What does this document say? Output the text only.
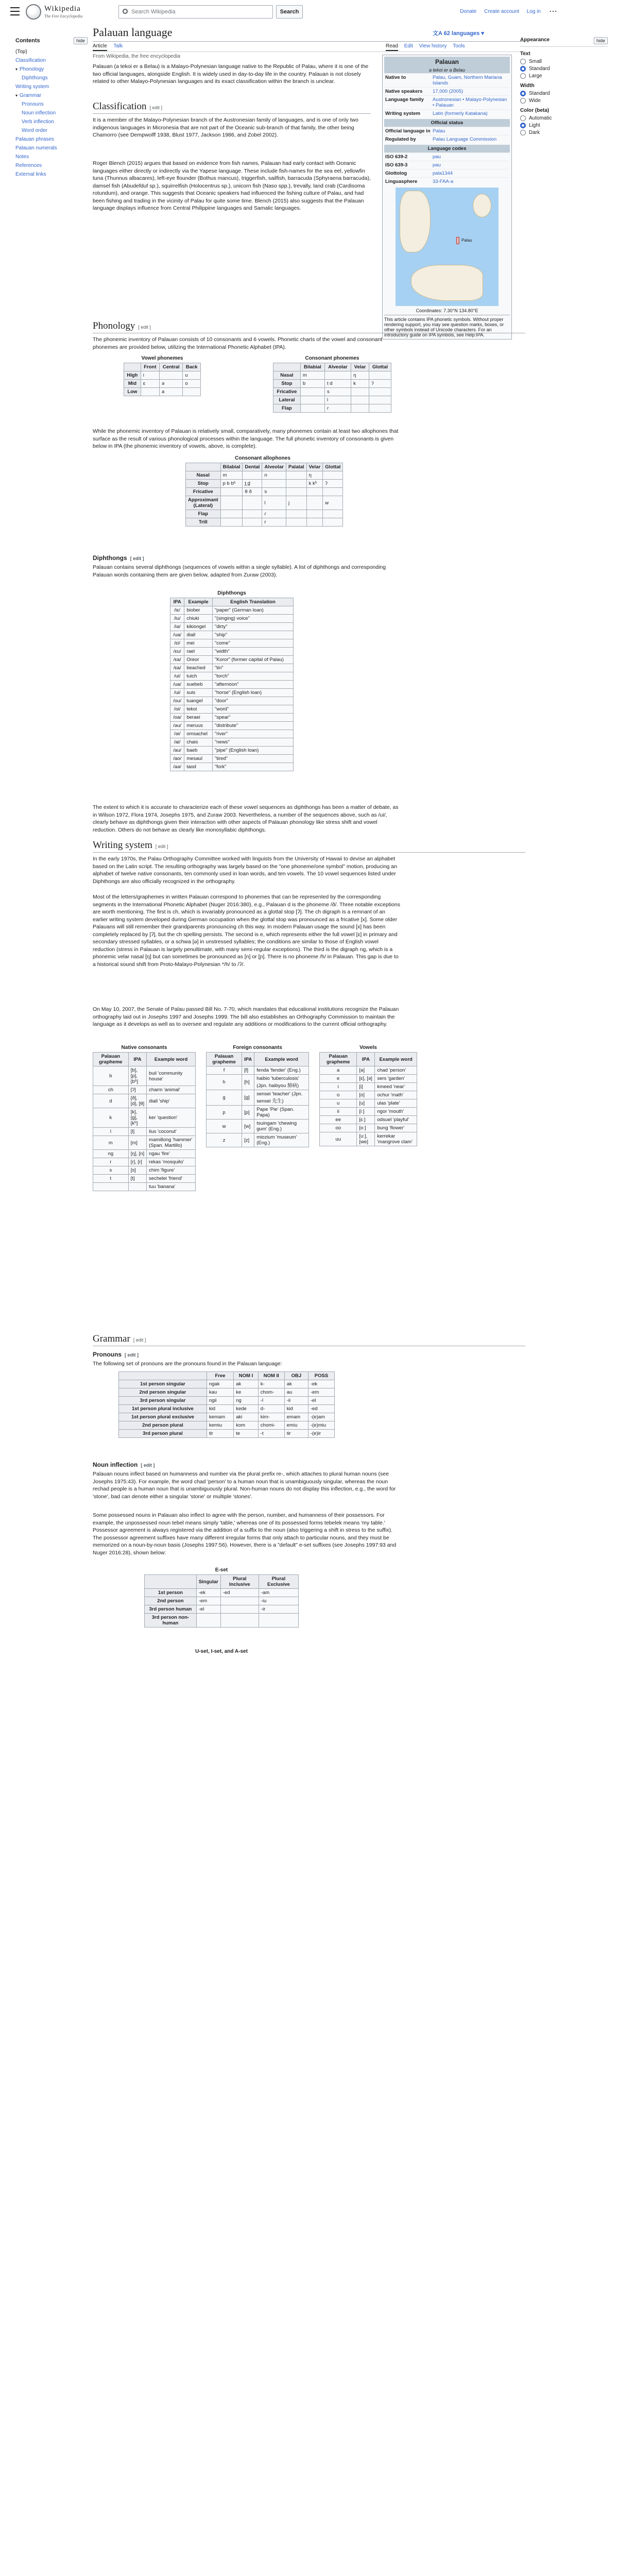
Wikipedia
The Free Encyclopedia
Search Wikipedia	Search	Donate Create account Log in ⋯
Contents	hide
(Top)
Classification
▾ Phonology
Diphthongs
Writing system
▾ Grammar
Pronouns
Noun inflection
Verb inflection
Word order
Palauan phrases
Palauan numerals
Notes
References
External links
Palauan language	文A 62 languages ▾
Article Talk	Read Edit View history Tools
From Wikipedia, the free encyclopedia
Palauan (a tekoi er a Belau) is a Malayo-Polynesian language native to the Republic of Palau, where it is one of the two official languages, alongside English. It is widely used in day-to-day life in the country. Palauan is not closely related to other Malayo-Polynesian languages and its exact classification within the branch is unclear.
Classification [ edit ]
It is a member of the Malayo-Polynesian branch of the Austronesian family of languages, and is one of only two indigenous languages in Micronesia that are not part of the Oceanic sub-branch of that family, the other being Chamorro (see Dempwolff 1938, Blust 1977, Jackson 1986, and Zobel 2002).
Roger Blench (2015) argues that based on evidence from fish names, Palauan had early contact with Oceanic languages either directly or indirectly via the Yapese language. These include fish-names for the sea eel, yellowfin tuna (Thunnus albacares), left-eye flounder (Bothus mancus), triggerfish, sailfish, barracuda (Sphyraena barracuda), damsel fish (Abudefduf sp.), squirrelfish (Holocentrus sp.), unicorn fish (Naso spp.), trevally, land crab (Cardisoma rotundum), and orange. This suggests that Oceanic speakers had influenced the fishing culture of Palau, and had been fishing and trading in the vicinity of Palau for quite some time. Blench (2015) also suggests that the Palauan language displays influence from Central Philippine languages and Samalic languages.
Palauan
a tekoi er a Belau
Native to	Palau, Guam, Northern Mariana Islands
Native speakers	17,000 (2005)
Language family	Austronesian • Malayo-Polynesian • Palauan
Writing system	Latin (formerly Katakana)
Official status
Official language in Palau
Regulated by	Palau Language Commission
Language codes
ISO 639-2	pau
ISO 639-3	pau
Glottolog	pala1344
Linguasphere	33-FAA-a
Palau
Coordinates: 7.30°N 134.80°E
This article contains IPA phonetic symbols. Without proper rendering support, you may see question marks, boxes, or other symbols instead of Unicode characters. For an introductory guide on IPA symbols, see Help:IPA.
Appearance	hide
Text
Small
Standard
Large
Width
Standard
Wide
Color (beta)
Automatic
Light
Dark
Phonology [ edit ]
The phonemic inventory of Palauan consists of 10 consonants and 6 vowels. Phonetic charts of the vowel and consonant phonemes are provided below, utilizing the International Phonetic Alphabet (IPA).
Vowel phonemes
	Front	Central	Back
High	i		u
Mid	ɛ	ə	o
Low		a	
Consonant phonemes
	Bilabial	Alveolar	Velar	Glottal
Nasal	m		ŋ	
Stop	b	t d	k	ʔ
Fricative		s		
Lateral		l		
Flap		ɾ		
While the phonemic inventory of Palauan is relatively small, comparatively, many phonemes contain at least two allophones that surface as the result of various phonological processes within the language. The full phonetic inventory of consonants is given below in IPA (the phonemic inventory of vowels, above, is complete).
Consonant allophones
	Bilabial	Dental	Alveolar	Palatal	Velar	Glottal
Nasal	m		n		ŋ	
Stop	p b bʰ	t̪ d̪			k kʰ	ʔ
Fricative		θ ð	s			
Approximant (Lateral)			l	j		w
Flap			ɾ			
Trill			r			
Diphthongs [ edit ]
Palauan contains several diphthongs (sequences of vowels within a single syllable). A list of diphthongs and corresponding Palauan words containing them are given below, adapted from Zuraw (2003).
Diphthongs
IPA	Example	English Translation
/iɛ/	biober	"paper" (German loan)
/iu/	chiuki	"(singing) voice"
/iə/	kikiongel	"dirty"
/ua/	diall	"ship"
/ɛi/	mei	"come"
/ɛu/	rael	"width"
/ɛa/	Oreor	"Koror" (former capital of Palau)
/ɛa/	beached	"tin"
/ui/	tuich	"torch"
/ua/	suebeb	"afternoon"
/ui/	suis	"horse" (English loan)
/ou/	tuangel	"door"
/oi/	tekoi	"word"
/oa/	beraei	"spear"
/əu/	meruus	"distribute"
/əi/	omsachel	"river"
/ai/	chais	"news"
/au/	baeb	"pipe" (English loan)
/ao/	mesaul	"tired"
/aə/	taod	"fork"
The extent to which it is accurate to characterize each of these vowel sequences as diphthongs has been a matter of debate, as in Wilson 1972, Flora 1974, Josephs 1975, and Zuraw 2003. Nevertheless, a number of the sequences above, such as /ui/, clearly behave as diphthongs given their interaction with other aspects of Palauan phonology like stress shift and vowel reduction. Others do not behave as clearly like monosyllabic diphthongs.
Writing system [ edit ]
In the early 1970s, the Palau Orthography Committee worked with linguists from the University of Hawaii to devise an alphabet based on the Latin script. The resulting orthography was largely based on the "one phoneme/one symbol" motion, producing an alphabet of twelve native consonants, ten commonly used in loan words, and ten vowels. The 10 vowel sequences listed under Diphthongs are also officially recognized in the orthography.
Most of the letters/graphemes in written Palauan correspond to phonemes that can be represented by the corresponding segments in the International Phonetic Alphabet (Nuger 2016:380), e.g., Palauan d is the phoneme /ð/. Three notable exceptions are worth mentioning. The first is ch, which is invariably pronounced as a glottal stop [ʔ]. The ch digraph is a remnant of an earlier writing system developed during German occupation when the glottal stop was pronounced as a fricative [x]. Some older Palauans will still remember their grandparents pronouncing ch this way. In modern Palauan usage the sound [x] has been completely replaced by [ʔ], but the ch spelling persists. The second is e, which represents either the full vowel [ɛ] in primary and secondary stressed syllables, or a schwa [ə] in unstressed syllables; the conditions are similar to those of English vowel reduction (stress in Palauan is largely penultimate, with many semi-regular exceptions). The third is the digraph ng, which is a phonemic velar nasal [ŋ] but can sometimes be pronounced as [n] or [ɲ]. There is no phoneme /h/ in Palauan. This gap is due to a historical sound shift from Proto-Malayo-Polynesian */h/ to /ʔ/.
On May 10, 2007, the Senate of Palau passed Bill No. 7-70, which mandates that educational institutions recognize the Palauan orthography laid out in Josephs 1997 and Josephs 1999. The bill also establishes an Orthography Commission to maintain the language as it develops as well as to oversee and regulate any additions or modifications to the current official orthography.
Native consonants
Palauan grapheme	IPA	Example word
b	[b], [p], [bʰ]	buil 'community house'
ch	[ʔ]	charm 'animal'
d	[ð], [d], [θ]	diall 'ship'
k	[k], [g], [kʰ]	ker 'question'
l	[l]	lius 'coconut'
m	[m]	mamillong 'hammer' (Span. Martillo)
ng	[ŋ], [n]	ngau 'fire'
r	[ɾ], [r]	rekas 'mosquito'
s	[s]	chim 'figure'
t	[t]	sechelei 'friend'
		tuu 'banana'
Foreign consonants
Palauan grapheme	IPA	Example word
f	[f]	fenda 'fender' (Eng.)
h	[h]	haibio 'tuberculosis' (Jpn. haibyou 肺病)
g	[g]	sensei 'teacher' (Jpn. sensei 先生)
p	[p]	Pape 'Pie' (Span. Papa)
w	[w]	tsuingam 'chewing gum' (Eng.)
z	[z]	miozium 'museum' (Eng.)
Vowels
Palauan grapheme	IPA	Example word
a	[a]	chad 'person'
e	[ɛ], [ə]	sers 'garden'
i	[i]	kmeed 'near'
o	[o]	ochur 'math'
u	[u]	ulas 'plate'
ii	[iː]	ngor 'mouth'
ee	[ɛː]	odsuel 'playful'
oo	[oː]	bung 'flower'
uu	[uː], [we]	kerrekar 'mangrove clam'
Grammar [ edit ]
Pronouns [ edit ]
The following set of pronouns are the pronouns found in the Palauan language:
	Free	NOM I	NOM II	OBJ	POSS
1st person singular	ngak	ak	k-	ak	-ek
2nd person singular	kau	ke	chom-	au	-em
3rd person singular	ngii	ng	-l	-ii	-el
1st person plural inclusive	kid	kede	d-	kid	-ed
1st person plural exclusive	kemam	aki	kim-	emam	-(e)am
2nd person plural	kemiu	kom	chomi-	emiu	-(e)miu
3rd person plural	tir	te	-t	tir	-(e)ir
Noun inflection [ edit ]
Palauan nouns inflect based on humanness and number via the plural prefix re-, which attaches to plural human nouns (see Josephs 1975:43). For example, the word chad 'person' to a human noun that is unambiguously singular, whereas the noun rechad people is a human noun that is unambiguously plural. Non-human nouns do not display this inflection, e.g., the word for 'stone', bad can denote either a singular 'stone' or multiple 'stones'.
Some possessed nouns in Palauan also inflect to agree with the person, number, and humanness of their possessors. For example, the unpossessed noun tebel means simply 'table,' whereas one of its possessed forms tebelek means 'my table.' Possessor agreement is always registered via the addition of a suffix to the noun (also triggering a shift in stress to the suffix). The possessor agreement suffixes have many different irregular forms that only attach to particular nouns, and they must be memorized on a noun-by-noun basis (Josephs 1997:56). However, there is a "default" e-set suffixes (see Josephs 1997:93 and Nuger 2016:28), shown below:
E-set
	Singular	Plural Inclusive	Plural Exclusive
1st person	-ek	-ed	-am
2nd person	-em		-iu
3rd person human	-el		-ir
3rd person non-human			
U-set, I-set, and A-set
